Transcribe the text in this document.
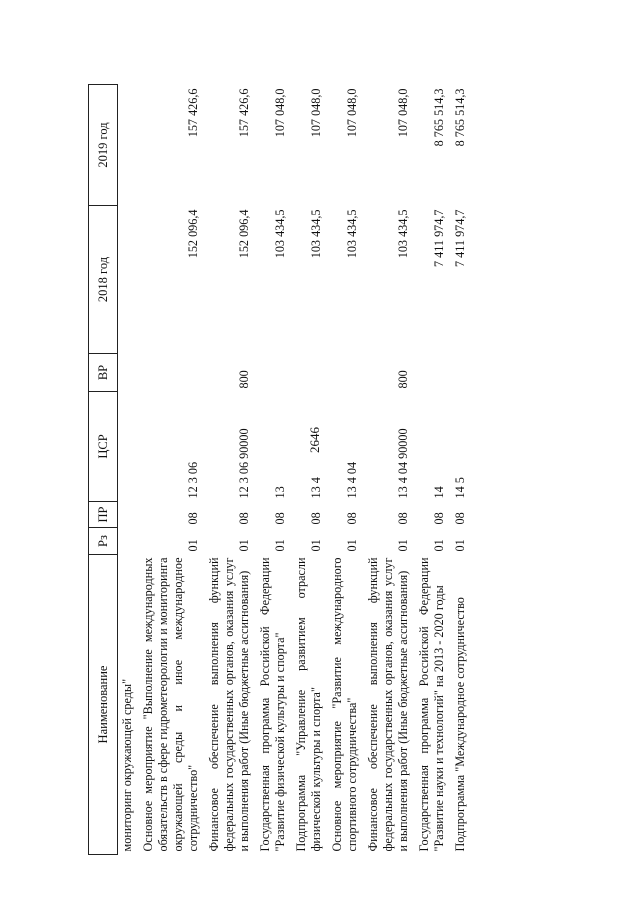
2646
Наименование	Рз	ПР	ЦСР	ВР	2018 год	2019 год
мониторинг окружающей среды"						
Основное мероприятие "Выполнение международных обязательств в сфере гидрометеорологии и мониторинга окружающей среды и иное международное сотрудничество"	01	08	12 3 06		152 096,4	157 426,6
Финансовое обеспечение выполнения функций федеральных государственных органов, оказания услуг и выполнения работ (Иные бюджетные ассигнования)	01	08	12 3 06 90000	800	152 096,4	157 426,6
Государственная программа Российской Федерации "Развитие физической культуры и спорта"	01	08	13		103 434,5	107 048,0
Подпрограмма "Управление развитием отрасли физической культуры и спорта"	01	08	13 4		103 434,5	107 048,0
Основное мероприятие "Развитие международного спортивного сотрудничества"	01	08	13 4 04		103 434,5	107 048,0
Финансовое обеспечение выполнения функций федеральных государственных органов, оказания услуг и выполнения работ (Иные бюджетные ассигнования)	01	08	13 4 04 90000	800	103 434,5	107 048,0
Государственная программа Российской Федерации "Развитие науки и технологий" на 2013 - 2020 годы	01	08	14		7 411 974,7	8 765 514,3
Подпрограмма "Международное сотрудничество	01	08	14 5		7 411 974,7	8 765 514,3
